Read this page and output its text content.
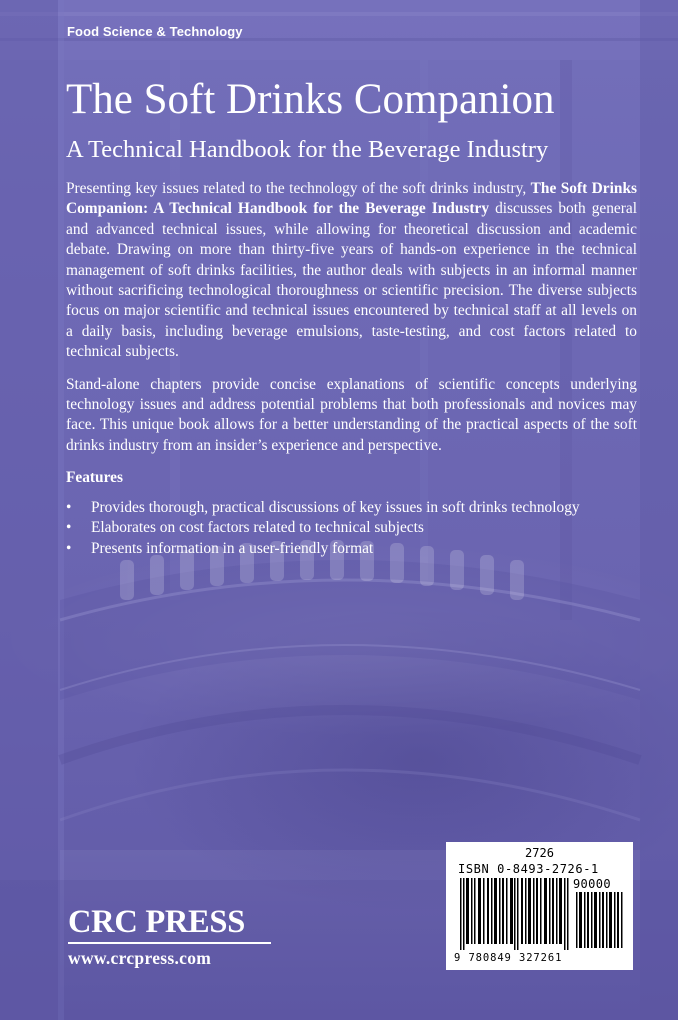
Food Science & Technology
The Soft Drinks Companion
A Technical Handbook for the Beverage Industry

Presenting key issues related to the technology of the soft drinks industry, The Soft Drinks Companion: A Technical Handbook for the Beverage Industry discusses both general and advanced technical issues, while allowing for theoretical discussion and academic debate. Drawing on more than thirty-five years of hands-on experience in the technical management of soft drinks facilities, the author deals with subjects in an informal manner without sacrificing technological thoroughness or scientific precision. The diverse subjects focus on major scientific and technical issues encountered by technical staff at all levels on a daily basis, including beverage emulsions, taste-testing, and cost factors related to technical subjects.

Stand-alone chapters provide concise explanations of scientific concepts underlying technology issues and address potential problems that both professionals and novices may face. This unique book allows for a better understanding of the practical aspects of the soft drinks industry from an insider’s experience and perspective.

Features
• Provides thorough, practical discussions of key issues in soft drinks technology
• Elaborates on cost factors related to technical subjects
• Presents information in a user-friendly format
CRC PRESS
www.crcpress.com
2726
ISBN 0-8493-2726-1
90000
9 780849 327261
